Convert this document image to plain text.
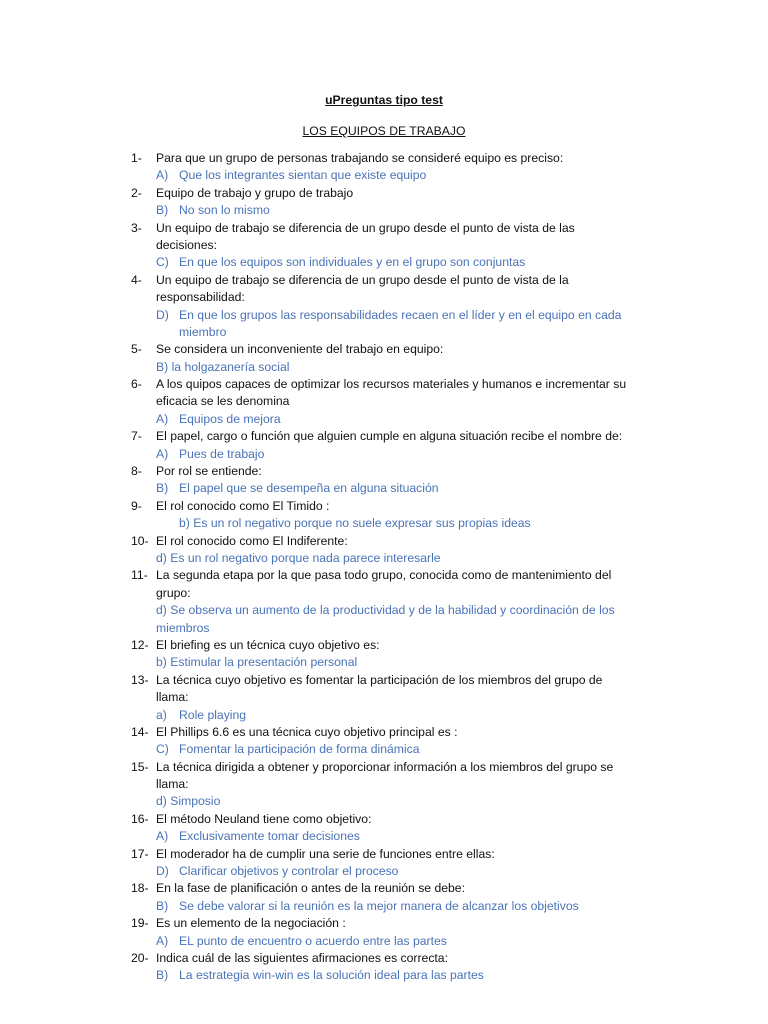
uPreguntas tipo test
LOS EQUIPOS DE TRABAJO
1- Para que un grupo de personas trabajando se consideré equipo es preciso:
A) Que los integrantes sientan que existe equipo
2- Equipo de trabajo y grupo de trabajo
B) No son lo mismo
3- Un equipo de trabajo se diferencia de un grupo desde el punto de vista de las
decisiones:
C) En que los equipos son individuales y en el grupo son conjuntas
4- Un equipo de trabajo se diferencia de un grupo desde el punto de vista de la
responsabilidad:
D) En que los grupos las responsabilidades recaen en el líder y en el equipo en cada
miembro
5- Se considera un inconveniente del trabajo en equipo:
B) la holgazanería social
6- A los quipos capaces de optimizar los recursos materiales y humanos e incrementar su
eficacia se les denomina
A) Equipos de mejora
7- El papel, cargo o función que alguien cumple en alguna situación recibe el nombre de:
A) Pues de trabajo
8- Por rol se entiende:
B) El papel que se desempeña en alguna situación
9- El rol conocido como El Timido :
b) Es un rol negativo porque no suele expresar sus propias ideas
10- El rol conocido como El Indiferente:
d) Es un rol negativo porque nada parece interesarle
11- La segunda etapa por la que pasa todo grupo, conocida como de mantenimiento del
grupo:
d) Se observa un aumento de la productividad y de la habilidad y coordinación de los
miembros
12- El briefing es un técnica cuyo objetivo es:
b) Estimular la presentación personal
13- La técnica cuyo objetivo es fomentar la participación de los miembros del grupo de
llama:
a) Role playing
14- El Phillips 6.6 es una técnica cuyo objetivo principal es :
C) Fomentar la participación de forma dinámica
15- La técnica dirigida a obtener y proporcionar información a los miembros del grupo se
llama:
d) Simposio
16- El método Neuland tiene como objetivo:
A) Exclusivamente tomar decisiones
17- El moderador ha de cumplir una serie de funciones entre ellas:
D) Clarificar objetivos y controlar el proceso
18- En la fase de planificación o antes de la reunión se debe:
B) Se debe valorar si la reunión es la mejor manera de alcanzar los objetivos
19- Es un elemento de la negociación :
A) EL punto de encuentro o acuerdo entre las partes
20- Indica cuál de las siguientes afirmaciones es correcta:
B) La estrategia win-win es la solución ideal para las partes
